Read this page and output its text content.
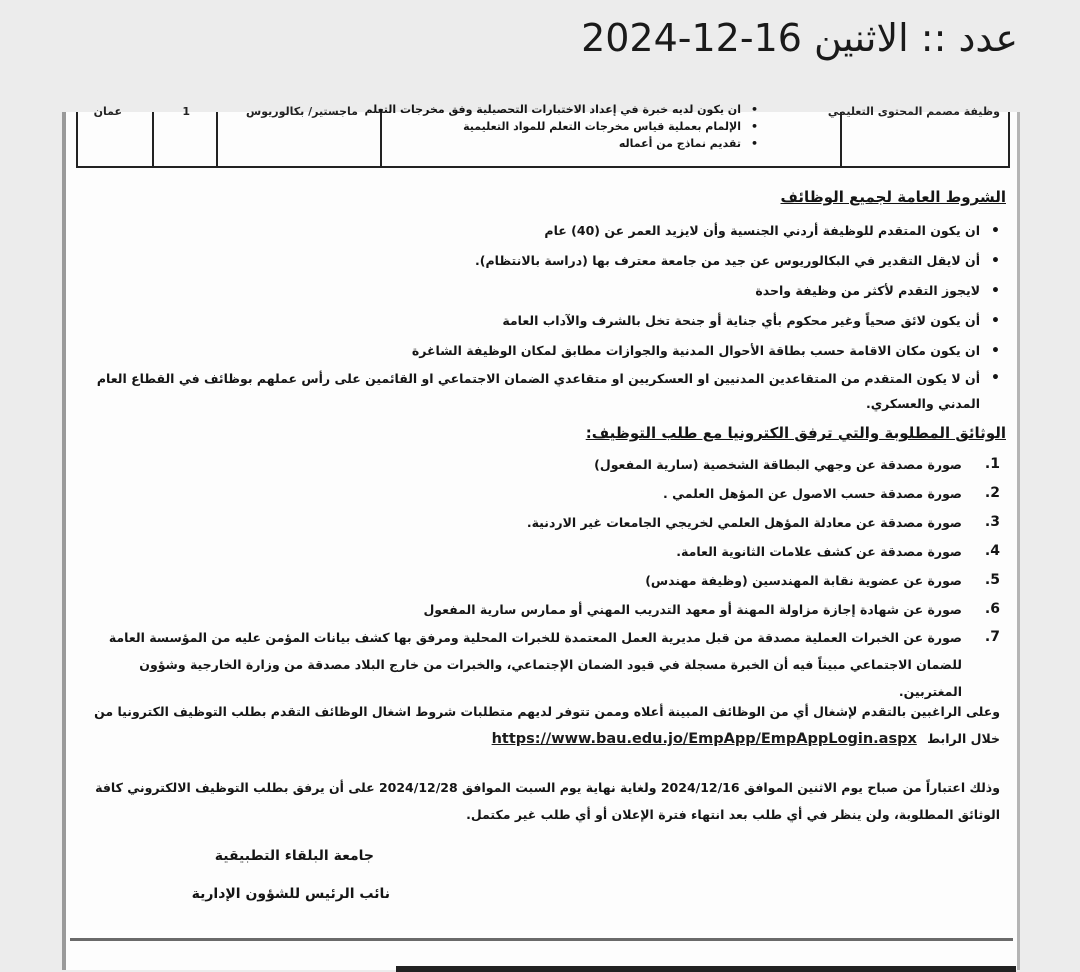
عدد :: الاثنين 16-12-2024
وظيفة مصمم المحتوى التعليمي
• ان يكون لديه خبرة في إعداد الاختبارات التحصيلية وفق مخرجات التعلم
• الإلمام بعملية قياس مخرجات التعلم للمواد التعليمية
• تقديم نماذج من أعماله
ماجستير/ بكالوريوس
1
عمان
الشروط العامة لجميع الوظائف
• ان يكون المتقدم للوظيفة أردني الجنسية وأن لايزيد العمر عن (40) عام
• أن لايقل التقدير في البكالوريوس عن جيد من جامعة معترف بها (دراسة بالانتظام).
• لايجوز التقدم لأكثر من وظيفة واحدة
• أن يكون لائق صحياً وغير محكوم بأي جناية أو جنحة تخل بالشرف والآداب العامة
• ان يكون مكان الاقامة حسب بطاقة الأحوال المدنية والجوازات مطابق لمكان الوظيفة الشاغرة
• أن لا يكون المتقدم من المتقاعدين المدنيين او العسكريين او متقاعدي الضمان الاجتماعي او القائمين على رأس عملهم بوظائف في القطاع العام المدني والعسكري.
الوثائق المطلوبة والتي ترفق الكترونيا مع طلب التوظيف:
1.
صورة مصدقة عن وجهي البطاقة الشخصية (سارية المفعول)
2.
صورة مصدقة حسب الاصول عن المؤهل العلمي .
3.
صورة مصدقة عن معادلة المؤهل العلمي لخريجي الجامعات غير الاردنية.
4.
صورة مصدقة عن كشف علامات الثانوية العامة.
5.
صورة عن عضوية نقابة المهندسين (وظيفة مهندس)
6.
صورة عن شهادة إجازة مزاولة المهنة أو معهد التدريب المهني أو ممارس سارية المفعول
7.
صورة عن الخبرات العملية مصدقة من قبل مديرية العمل المعتمدة للخبرات المحلية ومرفق بها كشف بيانات المؤمن عليه من المؤسسة العامة للضمان الاجتماعي مبيناً فيه أن الخبرة مسجلة في قيود الضمان الإجتماعي، والخبرات من خارج البلاد مصدقة من وزارة الخارجية وشؤون المغتربين.

وعلى الراغبين بالتقدم لإشغال أي من الوظائف المبينة أعلاه وممن تتوفر لديهم متطلبات شروط اشغال الوظائف التقدم بطلب التوظيف الكترونيا من خلال الرابط https://www.bau.edu.jo/EmpApp/EmpAppLogin.aspx

وذلك اعتباراً من صباح يوم الاثنين الموافق 2024/12/16 ولغاية نهاية يوم السبت الموافق 2024/12/28 على أن يرفق بطلب التوظيف الالكتروني كافة الوثائق المطلوبة، ولن ينظر في أي طلب بعد انتهاء فترة الإعلان أو أي طلب غير مكتمل.

جامعة البلقاء التطبيقية
نائب الرئيس للشؤون الإدارية
